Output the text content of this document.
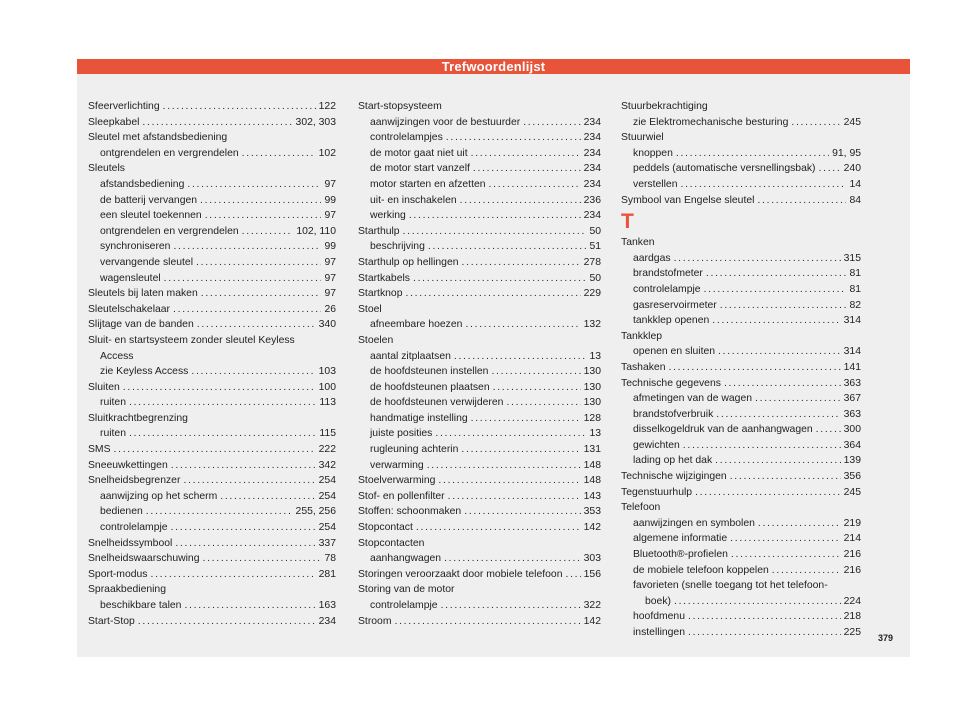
Trefwoordenlijst
Sfeerverlichting .....	122
Sleepkabel .....	302, 303
Sleutel met afstandsbediening
ontgrendelen en vergrendelen .....	102
Sleutels
afstandsbediening .....	97
de batterij vervangen .....	99
een sleutel toekennen .....	97
ontgrendelen en vergrendelen .....	102, 110
synchroniseren .....	99
vervangende sleutel .....	97
wagensleutel .....	97
Sleutels bij laten maken .....	97
Sleutelschakelaar .....	26
Slijtage van de banden .....	340
Sluit- en startsysteem zonder sleutel Keyless
Access
zie Keyless Access .....	103
Sluiten .....	100
ruiten .....	113
Sluitkrachtbegrenzing
ruiten .....	115
SMS .....	222
Sneeuwkettingen .....	342
Snelheidsbegrenzer .....	254
aanwijzing op het scherm .....	254
bedienen .....	255, 256
controlelampje .....	254
Snelheidssymbool .....	337
Snelheidswaarschuwing .....	78
Sport-modus .....	281
Spraakbediening
beschikbare talen .....	163
Start-Stop .....	234
Start-stopsysteem
aanwijzingen voor de bestuurder .....	234
controlelampjes .....	234
de motor gaat niet uit .....	234
de motor start vanzelf .....	234
motor starten en afzetten .....	234
uit- en inschakelen .....	236
werking .....	234
Starthulp .....	50
beschrijving .....	51
Starthulp op hellingen .....	278
Startkabels .....	50
Startknop .....	229
Stoel
afneembare hoezen .....	132
Stoelen
aantal zitplaatsen .....	13
de hoofdsteunen instellen .....	130
de hoofdsteunen plaatsen .....	130
de hoofdsteunen verwijderen .....	130
handmatige instelling .....	128
juiste posities .....	13
rugleuning achterin .....	131
verwarming .....	148
Stoelverwarming .....	148
Stof- en pollenfilter .....	143
Stoffen: schoonmaken .....	353
Stopcontact .....	142
Stopcontacten
aanhangwagen .....	303
Storingen veroorzaakt door mobiele telefoon ..... 156
Storing van de motor
controlelampje .....	322
Stroom .....	142
Stuurbekrachtiging
zie Elektromechanische besturing .....	245
Stuurwiel
knoppen .....	91, 95
peddels (automatische versnellingsbak) .....	240
verstellen .....	14
Symbool van Engelse sleutel .....	84
T
Tanken
aardgas .....	315
brandstofmeter .....	81
controlelampje .....	81
gasreservoirmeter .....	82
tankklep openen .....	314
Tankklep
openen en sluiten .....	314
Tashaken .....	141
Technische gegevens .....	363
afmetingen van de wagen .....	367
brandstofverbruik .....	363
disselkogeldruk van de aanhangwagen .....	300
gewichten .....	364
lading op het dak .....	139
Technische wijzigingen .....	356
Tegenstuurhulp .....	245
Telefoon
aanwijzingen en symbolen .....	219
algemene informatie .....	214
Bluetooth®-profielen .....	216
de mobiele telefoon koppelen .....	216
favorieten (snelle toegang tot het telefoon-
boek) .....	224
hoofdmenu .....	218
instellingen .....	225 379
